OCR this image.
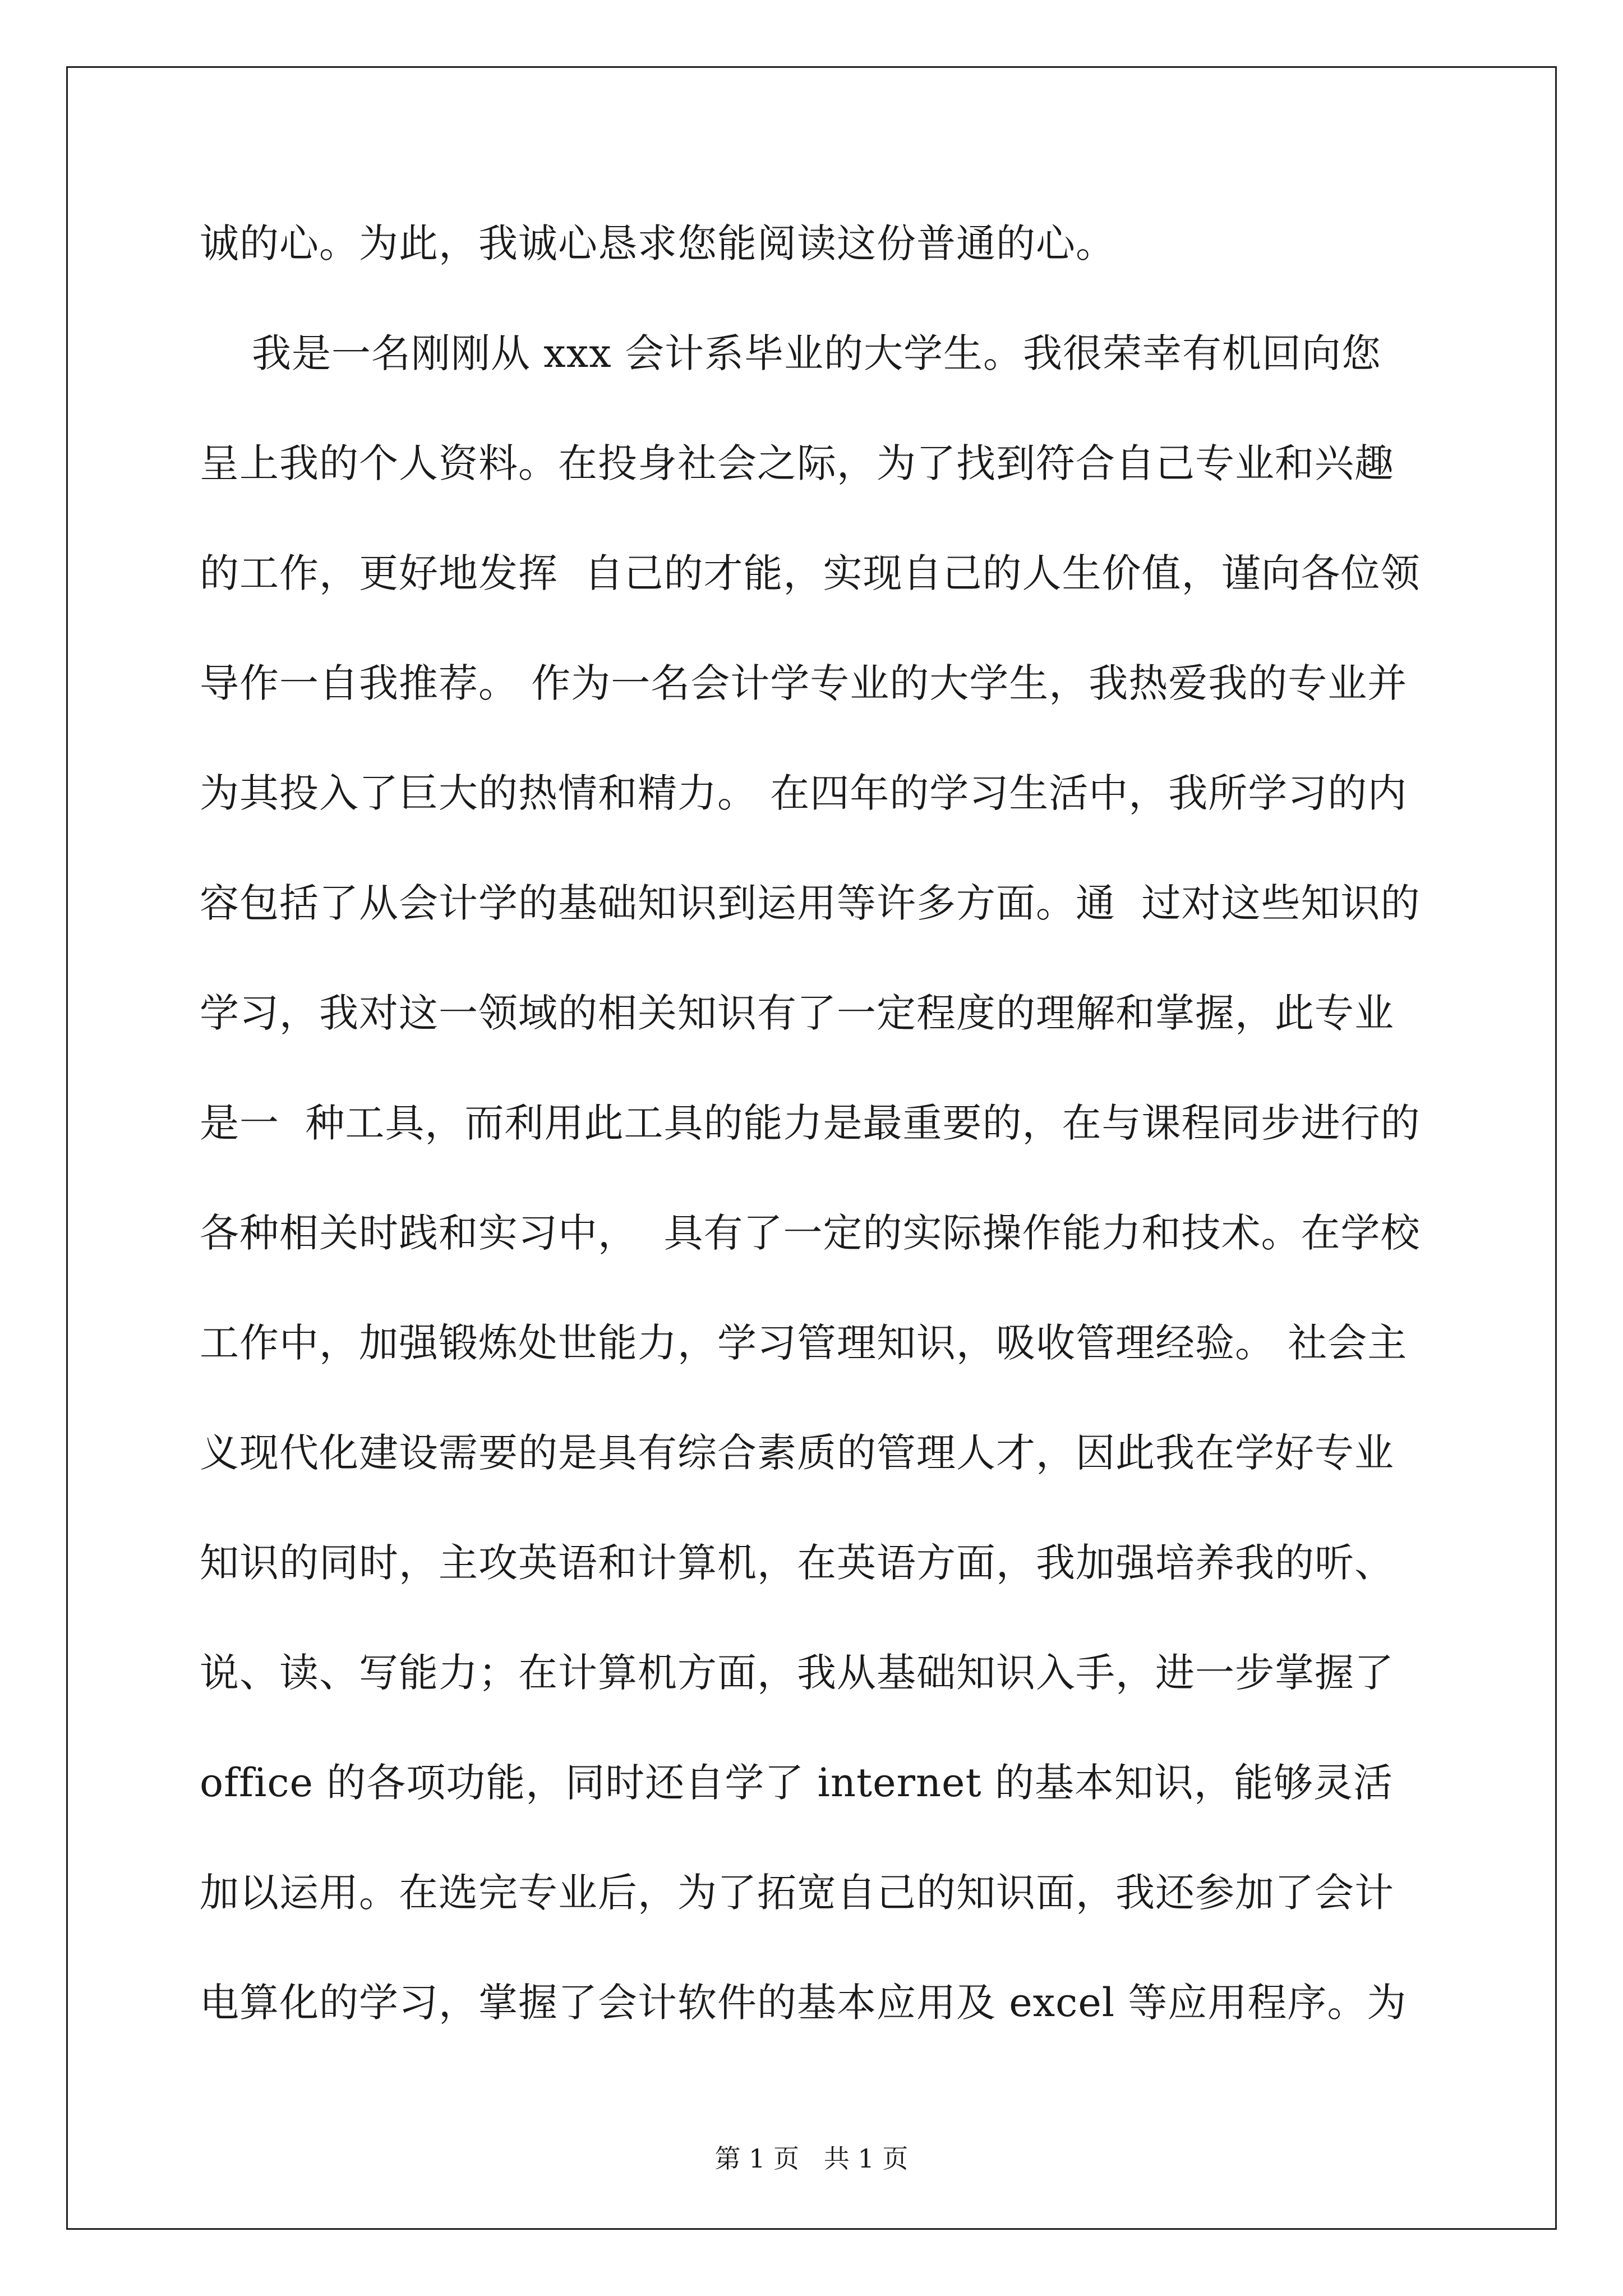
诚的心。为此，我诚心恳求您能阅读这份普通的心。

我是一名刚刚从 xxx 会计系毕业的大学生。我很荣幸有机回向您

呈上我的个人资料。在投身社会之际，为了找到符合自己专业和兴趣

的工作，更好地发挥  自己的才能，实现自己的人生价值，谨向各位领

导作一自我推荐。 作为一名会计学专业的大学生，我热爱我的专业并

为其投入了巨大的热情和精力。 在四年的学习生活中，我所学习的内

容包括了从会计学的基础知识到运用等许多方面。通  过对这些知识的

学习，我对这一领域的相关知识有了一定程度的理解和掌握，此专业

是一  种工具，而利用此工具的能力是最重要的，在与课程同步进行的

各种相关时践和实习中，  具有了一定的实际操作能力和技术。在学校

工作中，加强锻炼处世能力，学习管理知识，吸收管理经验。 社会主

义现代化建设需要的是具有综合素质的管理人才，因此我在学好专业

知识的同时，主攻英语和计算机，在英语方面，我加强培养我的听、

说、读、写能力；在计算机方面，我从基础知识入手，进一步掌握了

office 的各项功能，同时还自学了 internet 的基本知识，能够灵活

加以运用。在选完专业后，为了拓宽自己的知识面，我还参加了会计

电算化的学习，掌握了会计软件的基本应用及 excel 等应用程序。为

第 1 页   共 1 页
